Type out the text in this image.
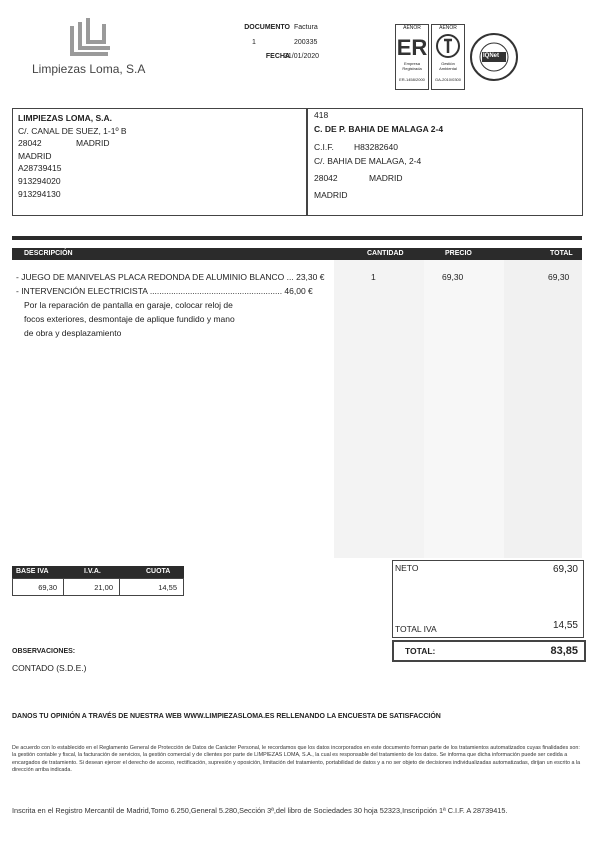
Limpiezas Loma, S.A
DOCUMENTO Factura
1	200335
FECHA
31/01/2020
AENOR
ER
Empresa Registrada
ER-1458/2000
AENOR
Gestión Ambiental
GA-2010/0300
IQNet
LIMPIEZAS LOMA, S.A.
C/. CANAL DE SUEZ, 1-1º B
28042	MADRID
MADRID
A28739415
913294020
913294130
418
C. DE P. BAHIA DE MALAGA 2-4
C.I.F. H83282640
C/. BAHIA DE MALAGA, 2-4
28042	MADRID
MADRID
DESCRIPCIÓN	CANTIDAD	PRECIO	TOTAL
- JUEGO DE MANIVELAS PLACA REDONDA DE ALUMINIO BLANCO ... 23,30 €
- INTERVENCIÓN ELECTRICISTA ........................................................ 46,00 €
Por la reparación de pantalla en garaje, colocar reloj de
focos exteriores, desmontaje de aplique fundido y mano
de obra y desplazamiento
1	69,30	69,30
BASE IVA	I.V.A.	CUOTA
69,30	21,00	14,55
NETO	69,30
TOTAL IVA	14,55
TOTAL:	83,85
OBSERVACIONES:
CONTADO (S.D.E.)
DANOS TU OPINIÓN A TRAVÉS DE NUESTRA WEB WWW.LIMPIEZASLOMA.ES RELLENANDO LA ENCUESTA DE SATISFACCIÓN
De acuerdo con lo establecido en el Reglamento General de Protección de Datos de Carácter Personal, le recordamos que los datos incorporados en este documento forman parte de los tratamientos automatizados cuyas finalidades son: la gestión contable y fiscal, la facturación de servicios, la gestión comercial y de clientes por parte de LIMPIEZAS LOMA, S.A., la cual es responsable del tratamiento de los datos. Se informa que dicha información puede ser cedida a encargados de tratamiento. Si desean ejercer el derecho de acceso, rectificación, supresión y oposición, limitación del tratamiento, portabilidad de datos y a no ser objeto de decisiones individualizadas automatizadas, dirijan un escrito a la dirección arriba indicada.
Inscrita en el Registro Mercantil de Madrid,Tomo 6.250,General 5.280,Sección 3ª,del libro de Sociedades 30 hoja 52323,Inscripción 1ª C.I.F. A 28739415.
